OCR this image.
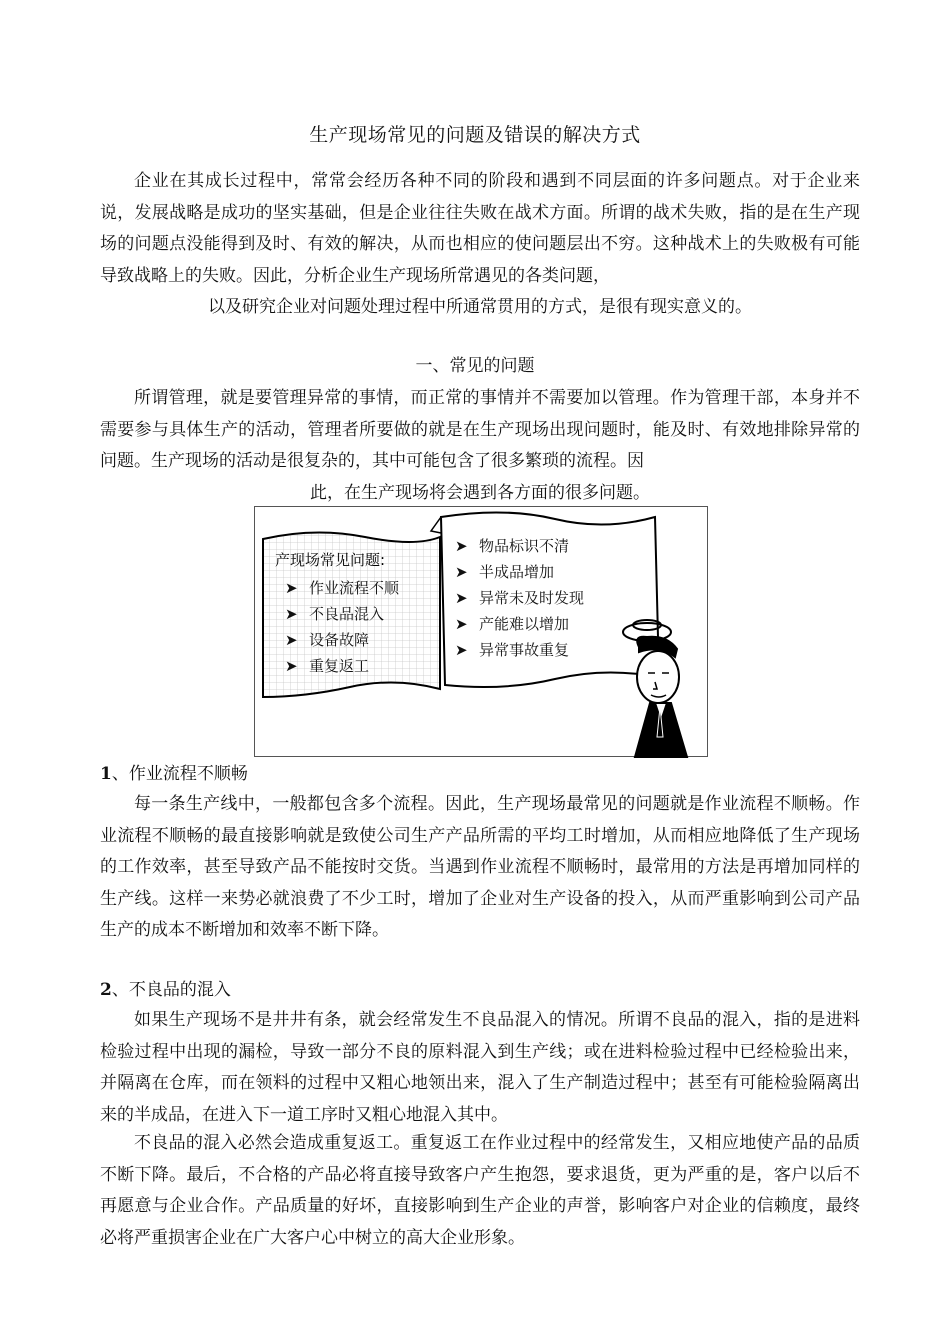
生产现场常见的问题及错误的解决方式
企业在其成长过程中，常常会经历各种不同的阶段和遇到不同层面的许多问题点。对于企业来说，发展战略是成功的坚实基础，但是企业往往失败在战术方面。所谓的战术失败，指的是在生产现场的问题点没能得到及时、有效的解决，从而也相应的使问题层出不穷。这种战术上的失败极有可能导致战略上的失败。因此，分析企业生产现场所常遇见的各类问题，
以及研究企业对问题处理过程中所通常贯用的方式，是很有现实意义的。
一、常见的问题
所谓管理，就是要管理异常的事情，而正常的事情并不需要加以管理。作为管理干部，本身并不需要参与具体生产的活动，管理者所要做的就是在生产现场出现问题时，能及时、有效地排除异常的问题。生产现场的活动是很复杂的，其中可能包含了很多繁琐的流程。因
此，在生产现场将会遇到各方面的很多问题。
产现场常见问题:
➤ 作业流程不顺
➤ 不良品混入
➤ 设备故障
➤ 重复返工
➤ 物品标识不清
➤ 半成品增加
➤ 异常未及时发现
➤ 产能难以增加
➤ 异常事故重复
1、作业流程不顺畅
每一条生产线中，一般都包含多个流程。因此，生产现场最常见的问题就是作业流程不顺畅。作业流程不顺畅的最直接影响就是致使公司生产产品所需的平均工时增加，从而相应地降低了生产现场的工作效率，甚至导致产品不能按时交货。当遇到作业流程不顺畅时，最常用的方法是再增加同样的生产线。这样一来势必就浪费了不少工时，增加了企业对生产设备的投入，从而严重影响到公司产品生产的成本不断增加和效率不断下降。
2、不良品的混入
如果生产现场不是井井有条，就会经常发生不良品混入的情况。所谓不良品的混入，指的是进料检验过程中出现的漏检，导致一部分不良的原料混入到生产线；或在进料检验过程中已经检验出来，并隔离在仓库，而在领料的过程中又粗心地领出来，混入了生产制造过程中；甚至有可能检验隔离出来的半成品，在进入下一道工序时又粗心地混入其中。
不良品的混入必然会造成重复返工。重复返工在作业过程中的经常发生，又相应地使产品的品质不断下降。最后，不合格的产品必将直接导致客户产生抱怨，要求退货，更为严重的是，客户以后不再愿意与企业合作。产品质量的好坏，直接影响到生产企业的声誉，影响客户对企业的信赖度，最终必将严重损害企业在广大客户心中树立的高大企业形象。
